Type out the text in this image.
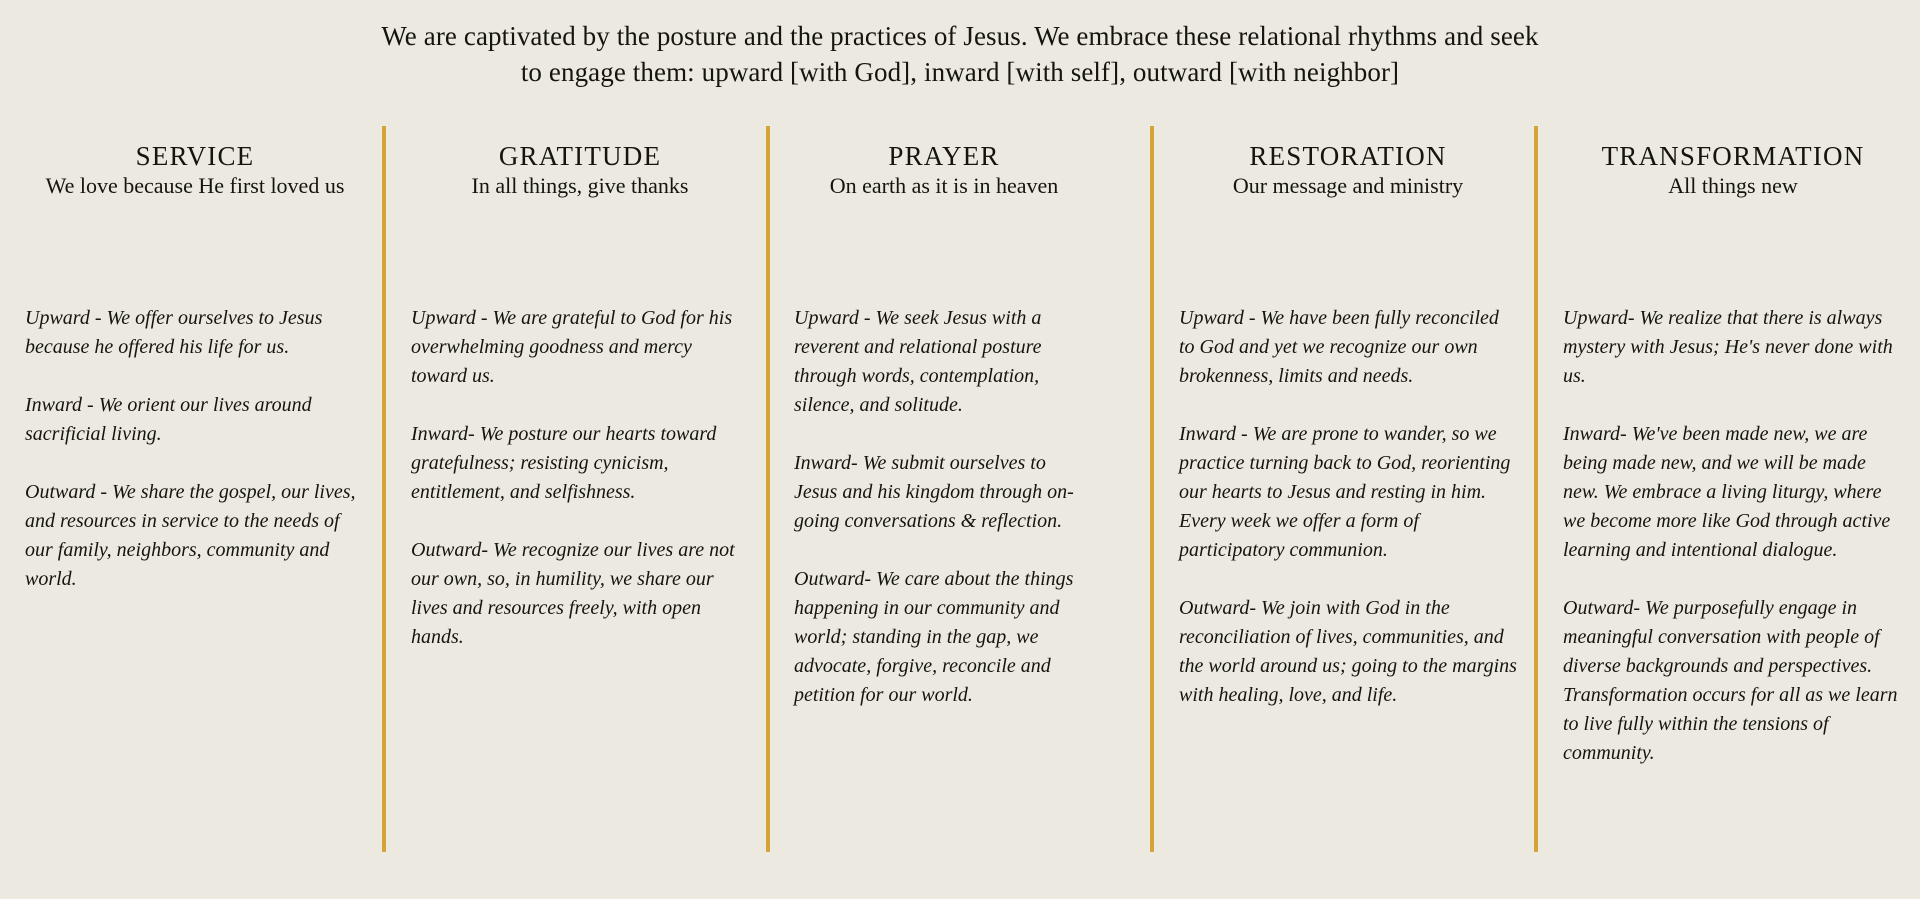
We are captivated by the posture and the practices of Jesus. We embrace these relational rhythms and seek
to engage them: upward [with God], inward [with self], outward [with neighbor]
SERVICE
We love because He first loved us

Upward - We offer ourselves to Jesus because he offered his life for us.

Inward - We orient our lives around sacrificial living.

Outward - We share the gospel, our lives, and resources in service to the needs of our family, neighbors, community and world.

GRATITUDE
In all things, give thanks

Upward - We are grateful to God for his overwhelming goodness and mercy toward us.

Inward- We posture our hearts toward gratefulness; resisting cynicism, entitlement, and selfishness.

Outward- We recognize our lives are not our own, so, in humility, we share our lives and resources freely, with open hands.

PRAYER
On earth as it is in heaven

Upward - We seek Jesus with a reverent and relational posture through words, contemplation, silence, and solitude.

Inward- We submit ourselves to Jesus and his kingdom through on-going conversations & reflection.

Outward- We care about the things happening in our community and world; standing in the gap, we advocate, forgive, reconcile and petition for our world.

RESTORATION
Our message and ministry

Upward - We have been fully reconciled to God and yet we recognize our own brokenness, limits and needs.

Inward - We are prone to wander, so we practice turning back to God, reorienting our hearts to Jesus and resting in him. Every week we offer a form of participatory communion.

Outward- We join with God in the reconciliation of lives, communities, and the world around us; going to the margins with healing, love, and life.

TRANSFORMATION
All things new

Upward- We realize that there is always mystery with Jesus; He's never done with us.

Inward- We've been made new, we are being made new, and we will be made new. We embrace a living liturgy, where we become more like God through active learning and intentional dialogue.

Outward- We purposefully engage in meaningful conversation with people of diverse backgrounds and perspectives. Transformation occurs for all as we learn to live fully within the tensions of community.
